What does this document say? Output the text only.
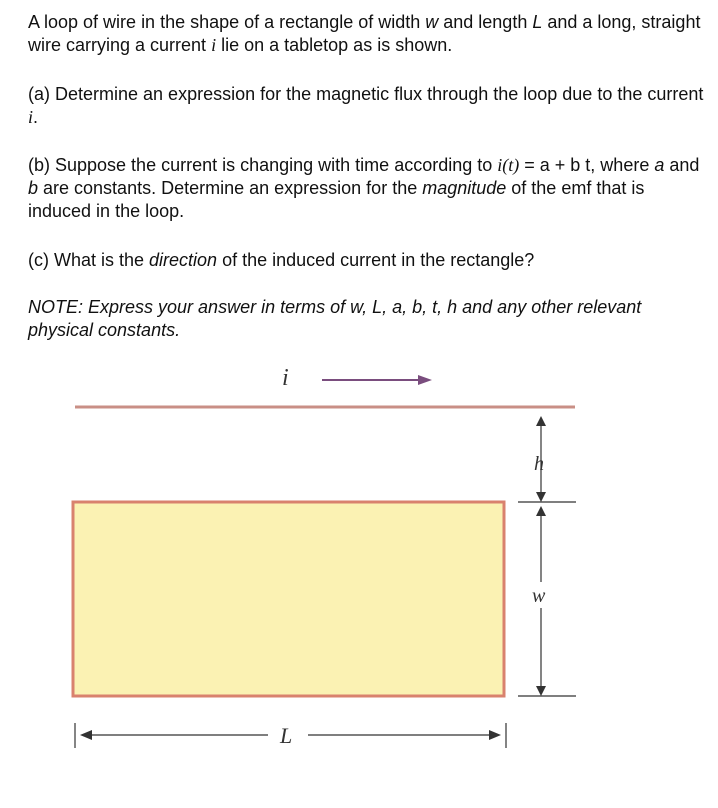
A loop of wire in the shape of a rectangle of width w and length L and a long, straight wire carrying a current i lie on a tabletop as is shown.

(a) Determine an expression for the magnetic flux through the loop due to the current i.

(b) Suppose the current is changing with time according to i(t) = a + b t, where a and b are constants. Determine an expression for the magnitude of the emf that is induced in the loop.

(c) What is the direction of the induced current in the rectangle?

NOTE: Express your answer in terms of w, L, a, b, t, h and any other relevant physical constants.

i
h
w
L
